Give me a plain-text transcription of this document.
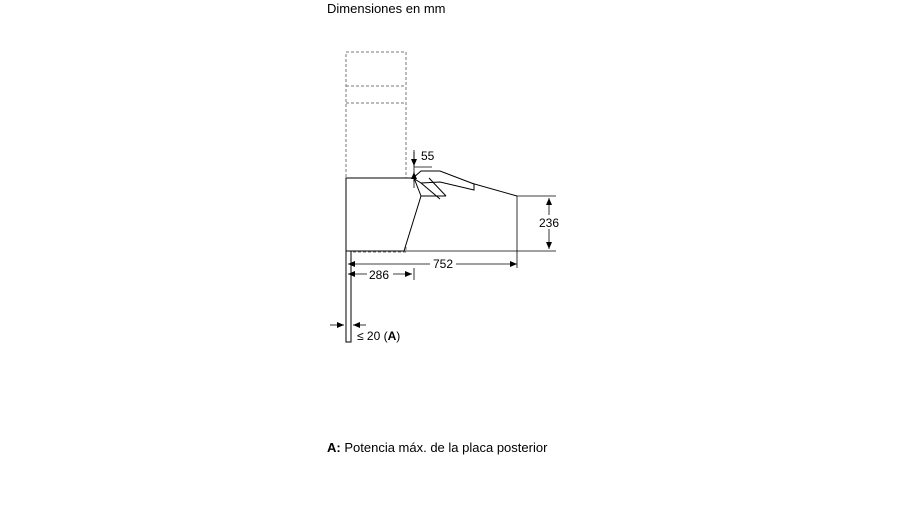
Dimensiones en mm
55
236
752
286
≤ 20 (A)
A: Potencia máx. de la placa posterior
